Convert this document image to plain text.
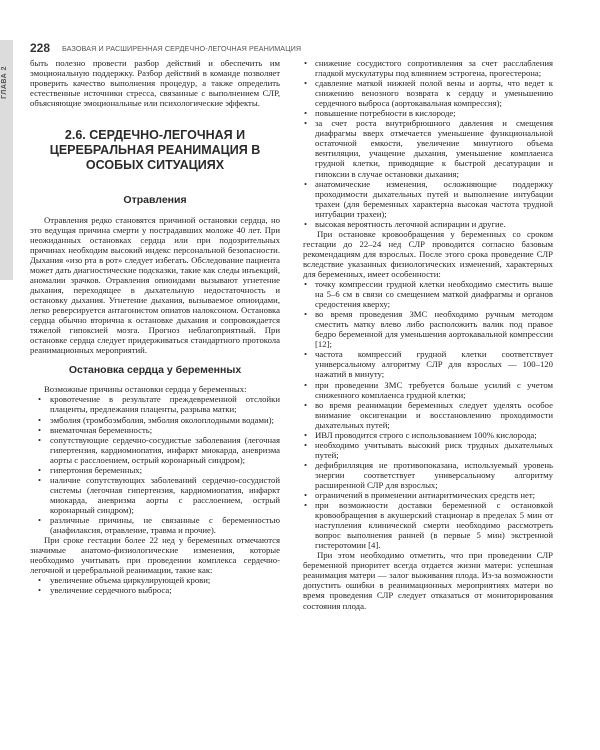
ГЛАВА 2
228 БАЗОВАЯ И РАСШИРЕННАЯ СЕРДЕЧНО-ЛЕГОЧНАЯ РЕАНИМАЦИЯ

быть полезно провести разбор действий и обеспечить им эмоциональную поддержку. Разбор действий в команде позволяет проверить качество выполнения процедур, а также определить естественные источники стресса, связанные с выполнением СЛР, объясняющие эмоциональные или психологические эффекты.

2.6. СЕРДЕЧНО-ЛЕГОЧНАЯ И ЦЕРЕБРАЛЬНАЯ РЕАНИМАЦИЯ В ОСОБЫХ СИТУАЦИЯХ
Отравления

Отравления редко становятся причиной остановки сердца, но это ведущая причина смерти у пострадавших моложе 40 лет. При неожиданных остановках сердца или при подозрительных причинах необходим высокий индекс персональной безопасности. Дыхания «изо рта в рот» следует избегать. Обследование пациента может дать диагностические подсказки, такие как следы инъекций, аномалии зрачков. Отравления опиоидами вызывают угнетение дыхания, переходящее в дыхательную недостаточность и остановку дыхания. Угнетение дыхания, вызываемое опиоидами, легко реверсируется антагонистом опиатов налоксоном. Остановка сердца обычно вторична к остановке дыхания и сопровождается тяжелой гипоксией мозга. Прогноз неблагоприятный. При остановке сердца следует придерживаться стандартного протокола реанимационных мероприятий.

Остановка сердца у беременных

Возможные причины остановки сердца у беременных:

• кровотечение в результате преждевременной отслойки плаценты, предлежания плаценты, разрыва матки;
• эмболия (тромбоэмболия, эмболия околоплодными водами);
• внематочная беременность;
• сопутствующие сердечно-сосудистые заболевания (легочная гипертензия, кардиомиопатия, инфаркт миокарда, аневризма аорты с расслоением, острый коронарный синдром);
• гипертония беременных;
• наличие сопутствующих заболеваний сердечно-сосудистой системы (легочная гипертензия, кардиомиопатия, инфаркт миокарда, аневризма аорты с расслоением, острый коронарный синдром);
• различные причины, не связанные с беременностью (анафилаксия, отравление, травма и прочие).

При сроке гестации более 22 нед у беременных отмечаются значимые анатомо-физиологические изменения, которые необходимо учитывать при проведении комплекса сердечно-легочной и церебральной реанимации, такие как:

• увеличение объема циркулирующей крови;
• увеличение сердечного выброса;
• снижение сосудистого сопротивления за счет расслабления гладкой мускулатуры под влиянием эстрогена, прогестерона;
• сдавление маткой нижней полой вены и аорты, что ведет к снижению венозного возврата к сердцу и уменьшению сердечного выброса (аортокавальная компрессия);
• повышение потребности в кислороде;
• за счет роста внутрибрюшного давления и смещения диафрагмы вверх отмечается уменьшение функциональной остаточной емкости, увеличение минутного объема вентиляции, учащение дыхания, уменьшение комплаенса грудной клетки, приводящие к быстрой десатурации и гипоксии в случае остановки дыхания;
• анатомические изменения, осложняющие поддержку проходимости дыхательных путей и выполнение интубации трахеи (для беременных характерна высокая частота трудной интубации трахеи);
• высокая вероятность легочной аспирации и другие.

При остановке кровообращения у беременных со сроком гестации до 22–24 нед СЛР проводится согласно базовым рекомендациям для взрослых. После этого срока проведение СЛР вследствие указанных физиологических изменений, характерных для беременных, имеет особенности:

• точку компрессии грудной клетки необходимо сместить выше на 5–6 см в связи со смещением маткой диафрагмы и органов средостения кверху;
• во время проведения ЗМС необходимо ручным методом сместить матку влево либо расположить валик под правое бедро беременной для уменьшения аортокавальной компрессии [12];
• частота компрессий грудной клетки соответствует универсальному алгоритму СЛР для взрослых — 100–120 нажатий в минуту;
• при проведении ЗМС требуется больше усилий с учетом сниженного комплаенса грудной клетки;
• во время реанимации беременных следует уделять особое внимание оксигенации и восстановлению проходимости дыхательных путей;
• ИВЛ проводится строго с использованием 100% кислорода;
• необходимо учитывать высокий риск трудных дыхательных путей;
• дефибрилляция не противопоказана, используемый уровень энергии соответствует универсальному алгоритму расширенной СЛР для взрослых;
• ограничений в применении антиаритмических средств нет;
• при возможности доставки беременной с остановкой кровообращения в акушерский стационар в пределах 5 мин от наступления клинической смерти необходимо рассмотреть вопрос выполнения ранней (в первые 5 мин) экстренной гистеротомии [4].

При этом необходимо отметить, что при проведении СЛР беременной приоритет всегда отдается жизни матери: успешная реанимация матери — залог выживания плода. Из-за возможности допустить ошибки в реанимационных мероприятиях матери во время проведения СЛР следует отказаться от мониторирования состояния плода.
